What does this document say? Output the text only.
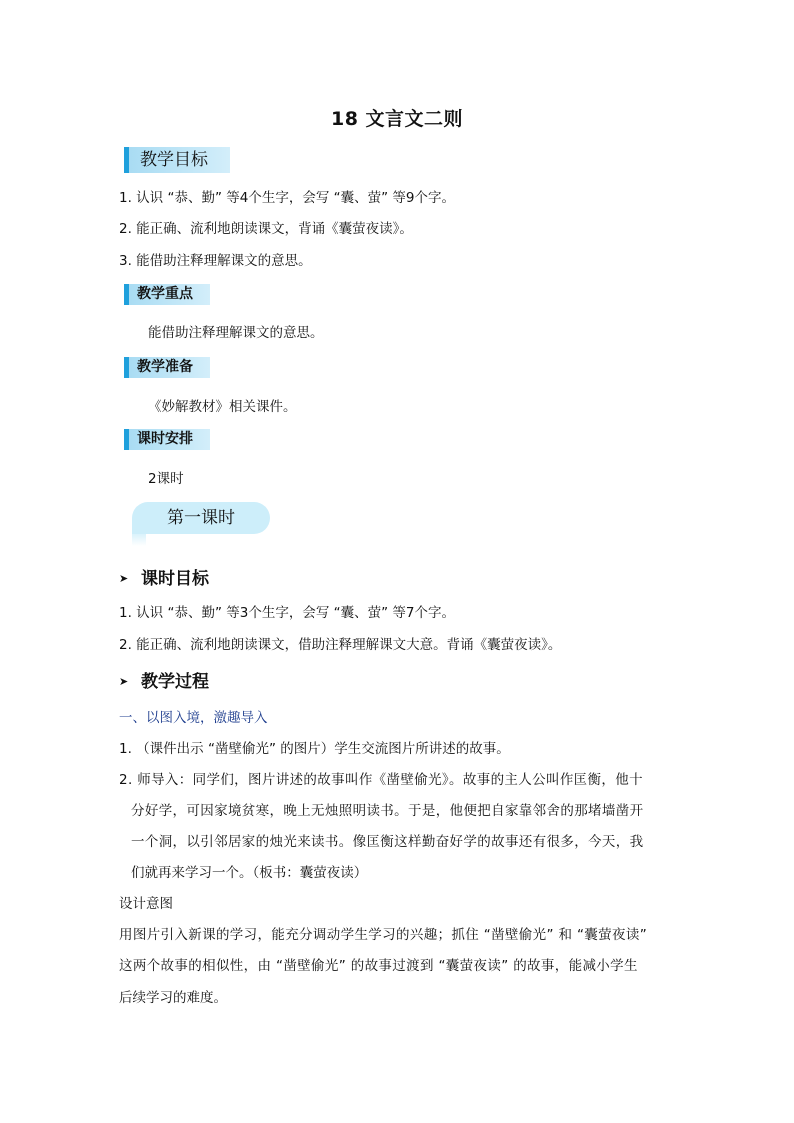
18 文言文二则
教学目标
1. 认识 “恭、勤” 等4个生字，会写 “囊、萤” 等9个字。
2. 能正确、流利地朗读课文，背诵《囊萤夜读》。
3. 能借助注释理解课文的意思。
教学重点
能借助注释理解课文的意思。
教学准备
《妙解教材》相关课件。
课时安排
2课时
第一课时
➤ 课时目标
1. 认识 “恭、勤” 等3个生字，会写 “囊、萤” 等7个字。
2. 能正确、流利地朗读课文，借助注释理解课文大意。背诵《囊萤夜读》。
➤ 教学过程
一、以图入境，激趣导入
1. （课件出示 “凿壁偷光” 的图片）学生交流图片所讲述的故事。
2. 师导入：同学们，图片讲述的故事叫作《凿壁偷光》。故事的主人公叫作匡衡，他十
分好学，可因家境贫寒，晚上无烛照明读书。于是，他便把自家靠邻舍的那堵墙凿开
一个洞，以引邻居家的烛光来读书。像匡衡这样勤奋好学的故事还有很多，今天，我
们就再来学习一个。（板书：囊萤夜读）
设计意图
用图片引入新课的学习，能充分调动学生学习的兴趣；抓住 “凿壁偷光” 和 “囊萤夜读”
这两个故事的相似性，由 “凿壁偷光” 的故事过渡到 “囊萤夜读” 的故事，能减小学生
后续学习的难度。
